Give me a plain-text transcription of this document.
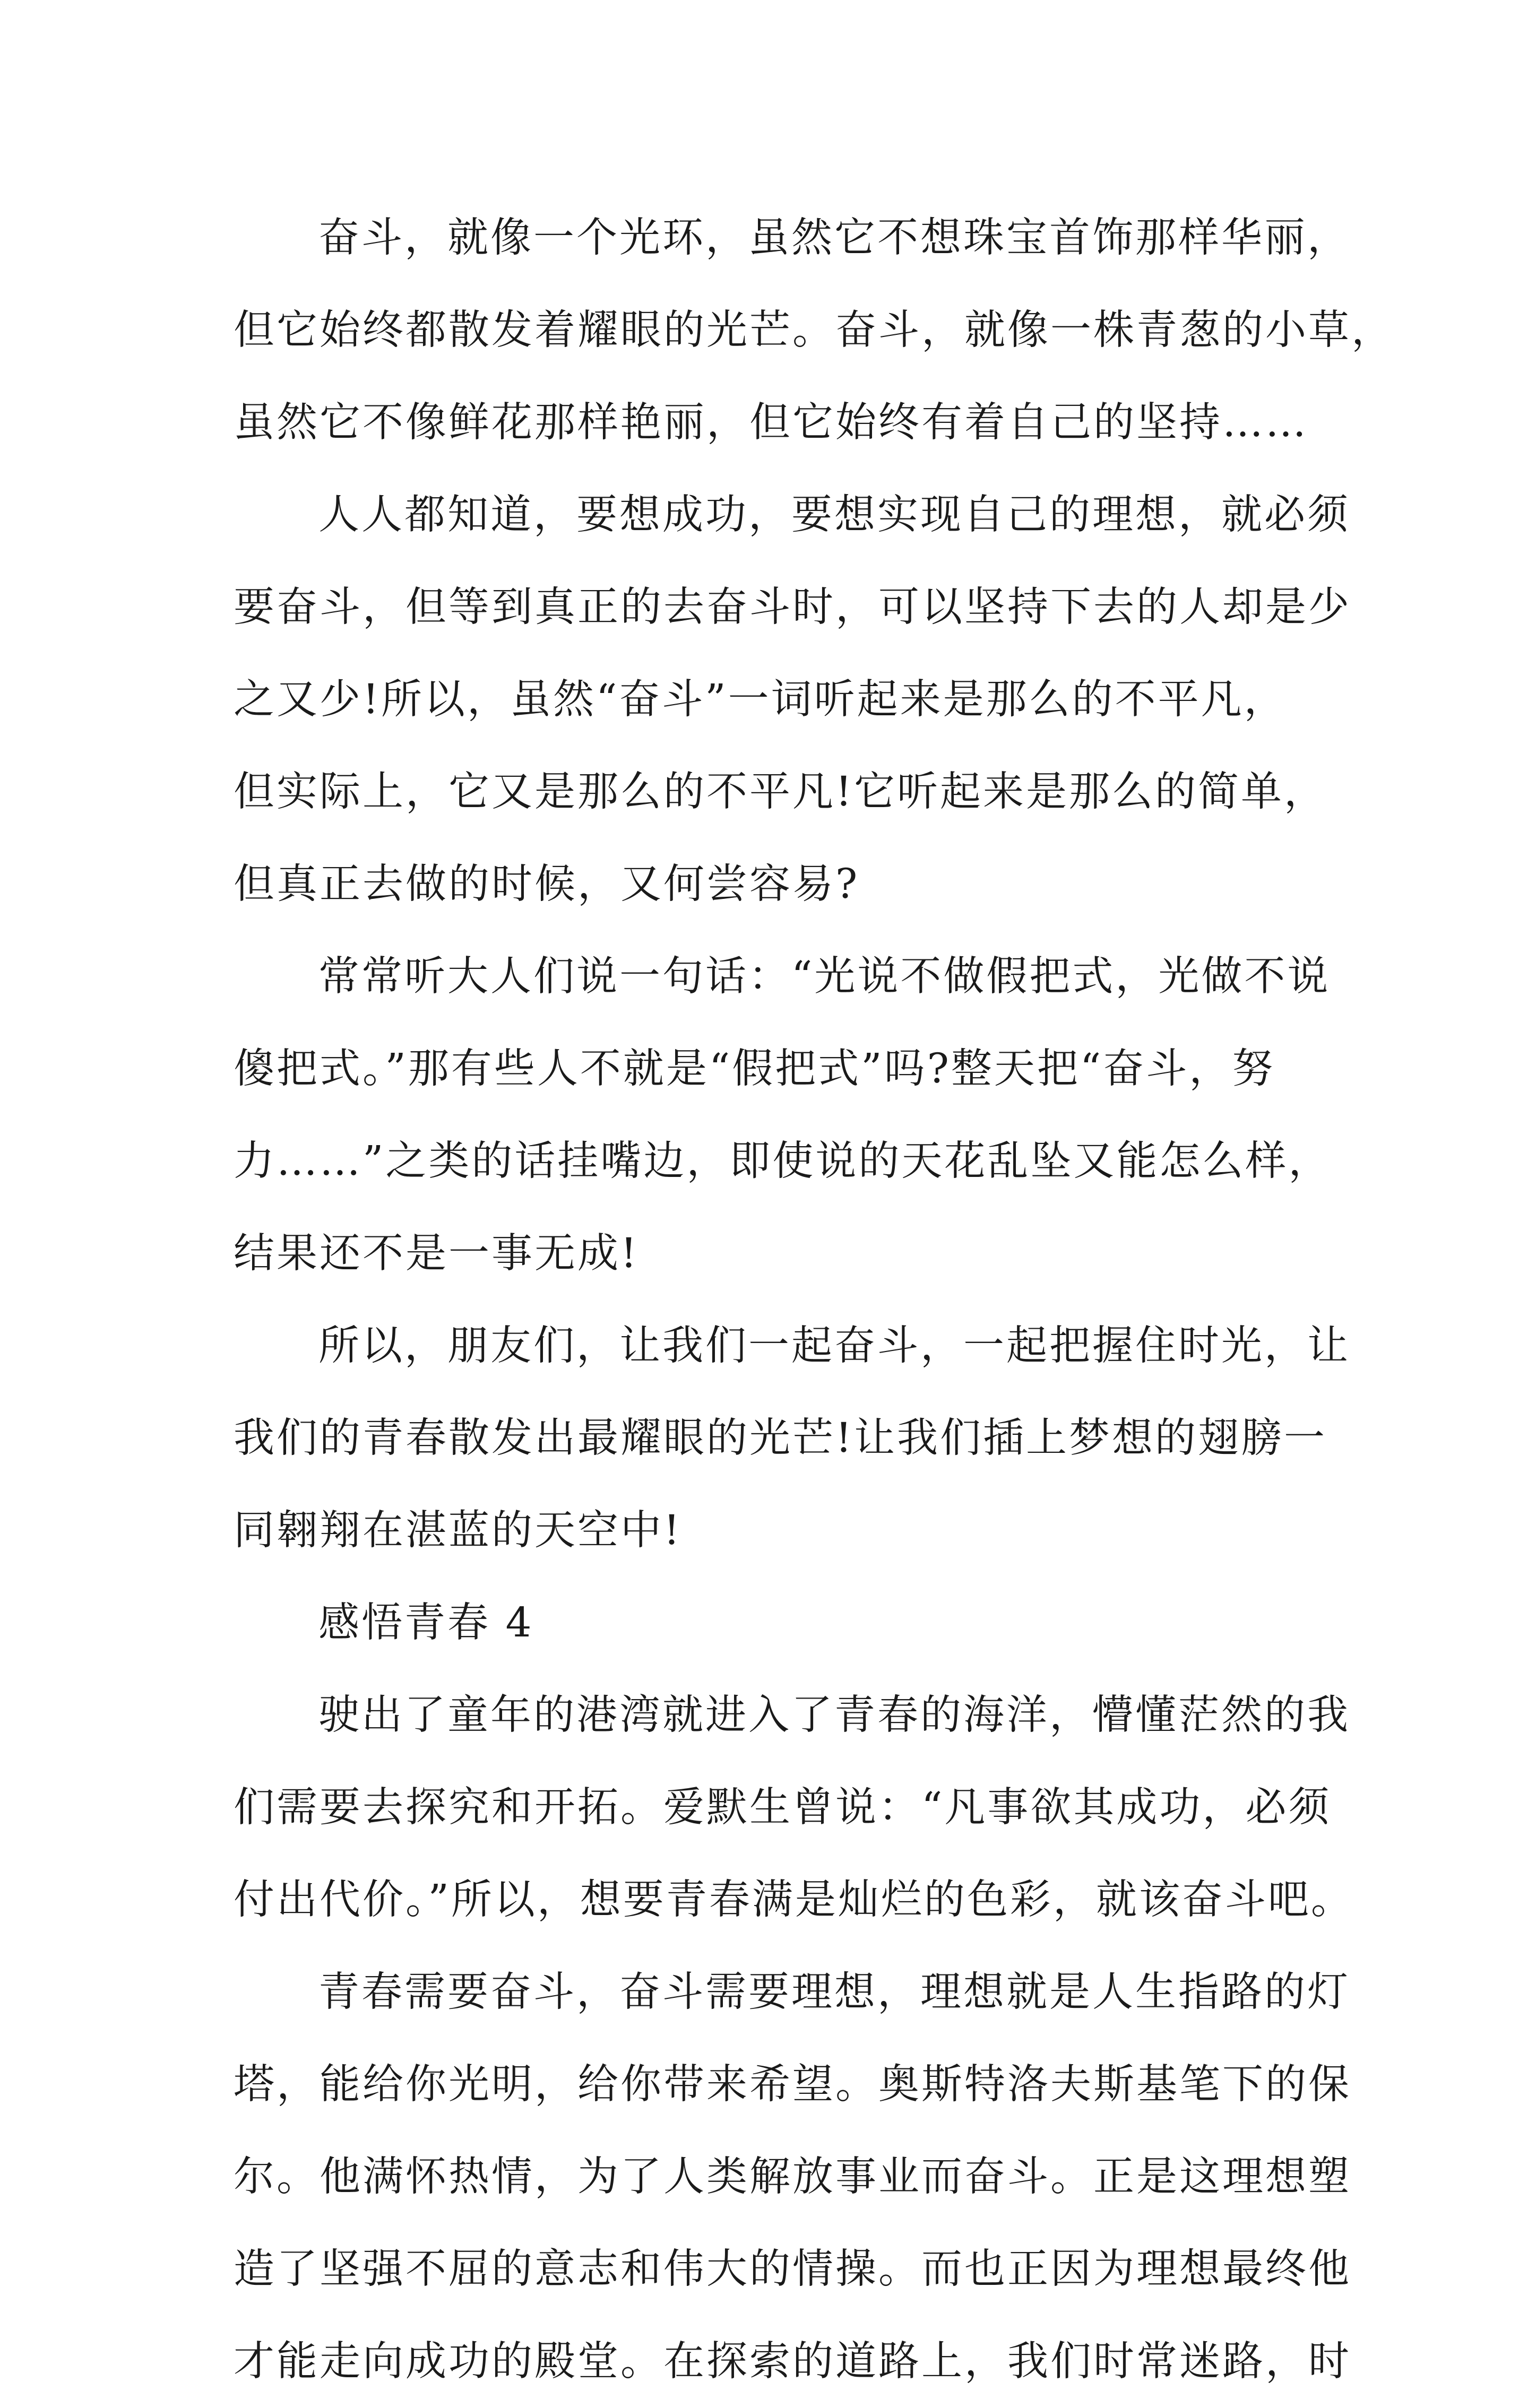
奋斗，就像一个光环，虽然它不想珠宝首饰那样华丽，
但它始终都散发着耀眼的光芒。奋斗，就像一株青葱的小草，
虽然它不像鲜花那样艳丽，但它始终有着自己的坚持……
人人都知道，要想成功，要想实现自己的理想，就必须
要奋斗，但等到真正的去奋斗时，可以坚持下去的人却是少
之又少!所以，虽然“奋斗”一词听起来是那么的不平凡，
但实际上，它又是那么的不平凡!它听起来是那么的简单，
但真正去做的时候，又何尝容易?
常常听大人们说一句话：“光说不做假把式，光做不说
傻把式。”那有些人不就是“假把式”吗?整天把“奋斗，努
力……”之类的话挂嘴边，即使说的天花乱坠又能怎么样，
结果还不是一事无成!
所以，朋友们，让我们一起奋斗，一起把握住时光，让
我们的青春散发出最耀眼的光芒!让我们插上梦想的翅膀一
同翱翔在湛蓝的天空中!
感悟青春 4
驶出了童年的港湾就进入了青春的海洋，懵懂茫然的我
们需要去探究和开拓。爱默生曾说：“凡事欲其成功，必须
付出代价。”所以，想要青春满是灿烂的色彩，就该奋斗吧。
青春需要奋斗，奋斗需要理想，理想就是人生指路的灯
塔，能给你光明，给你带来希望。奥斯特洛夫斯基笔下的保
尔。他满怀热情，为了人类解放事业而奋斗。正是这理想塑
造了坚强不屈的意志和伟大的情操。而也正因为理想最终他
才能走向成功的殿堂。在探索的道路上，我们时常迷路，时
